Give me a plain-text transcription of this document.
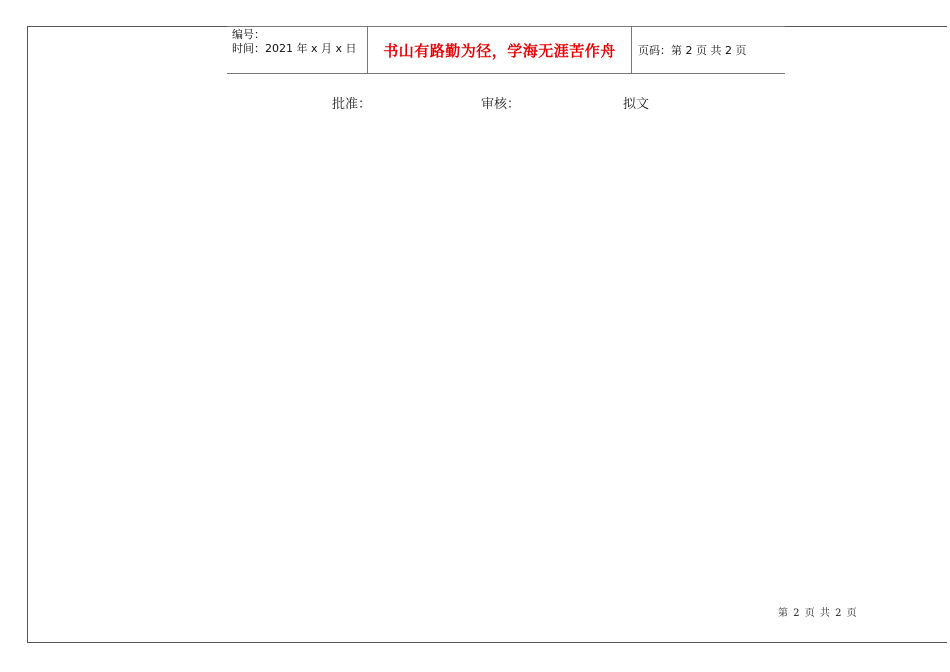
编号：
时间：2021 年 x 月 x 日 书山有路勤为径，学海无涯苦作舟 页码：第 2 页 共 2 页
批准：	审核：	拟文
第 2 页 共 2 页
